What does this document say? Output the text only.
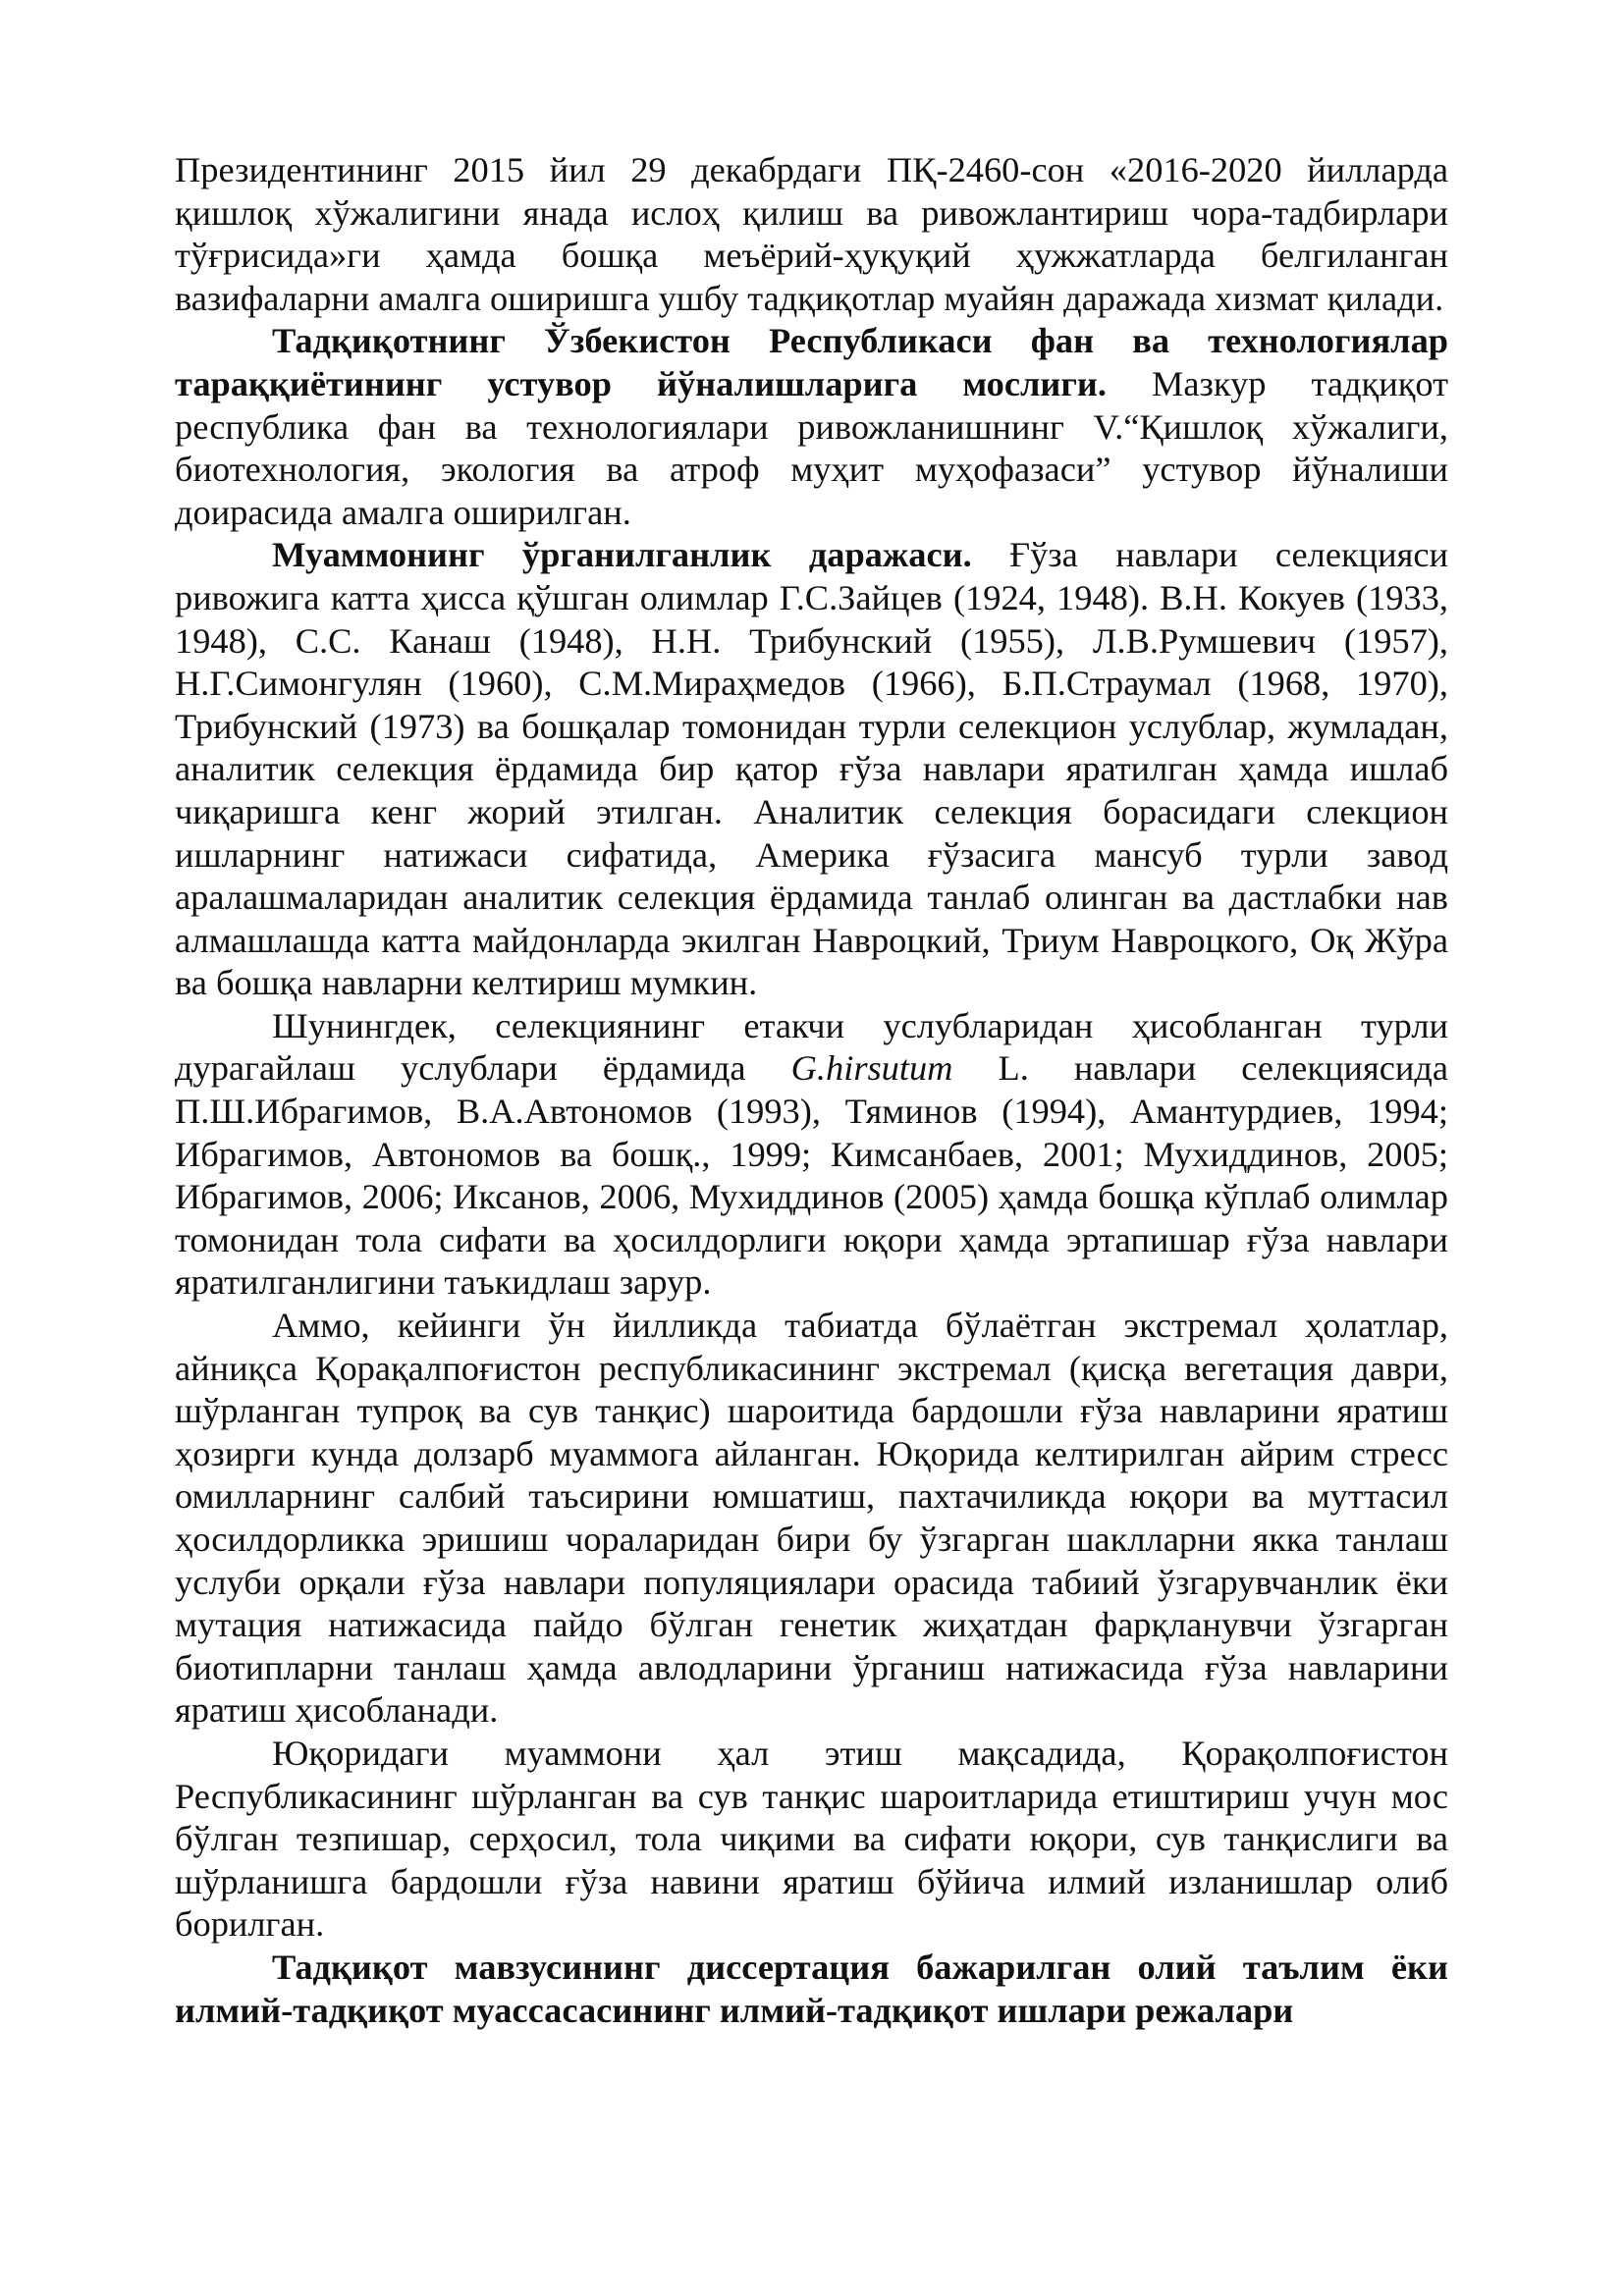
Президентининг 2015 йил 29 декабрдаги ПҚ-2460-сон «2016-2020 йилларда қишлоқ хўжалигини янада ислоҳ қилиш ва ривожлантириш чора-тадбирлари тўғрисида»ги ҳамда бошқа меъёрий-ҳуқуқий ҳужжатларда белгиланган вазифаларни амалга оширишга ушбу тадқиқотлар муайян даражада хизмат қилади.

Тадқиқотнинг Ўзбекистон Республикаси фан ва технологиялар тараққиётининг устувор йўналишларига мослиги. Мазкур тадқиқот республика фан ва технологиялари ривожланишнинг V.“Қишлоқ хўжалиги, биотехнология, экология ва атроф муҳит муҳофазаси” устувор йўналиши доирасида амалга оширилган.

Муаммонинг ўрганилганлик даражаси. Ғўза навлари селекцияси ривожига катта ҳисса қўшган олимлар Г.С.Зайцев (1924, 1948). В.Н. Кокуев (1933, 1948), С.С. Канаш (1948), Н.Н. Трибунский (1955), Л.В.Румшевич (1957), Н.Г.Симонгулян (1960), С.М.Мираҳмедов (1966), Б.П.Страумал (1968, 1970), Трибунский (1973) ва бошқалар томонидан турли селекцион услублар, жумладан, аналитик селекция ёрдамида бир қатор ғўза навлари яратилган ҳамда ишлаб чиқаришга кенг жорий этилган. Аналитик селекция борасидаги слекцион ишларнинг натижаси сифатида, Америка ғўзасига мансуб турли завод аралашмаларидан аналитик селекция ёрдамида танлаб олинган ва дастлабки нав алмашлашда катта майдонларда экилган Навроцкий, Триум Навроцкого, Оқ Жўра ва бошқа навларни келтириш мумкин.

Шунингдек, селекциянинг етакчи услубларидан ҳисобланган турли дурагайлаш услублари ёрдамида G.hirsutum L. навлари селекциясида П.Ш.Ибрагимов, В.А.Автономов (1993), Тяминов (1994), Амантурдиев, 1994; Ибрагимов, Автономов ва бошқ., 1999; Кимсанбаев, 2001; Мухиддинов, 2005; Ибрагимов, 2006; Иксанов, 2006, Мухиддинов (2005) ҳамда бошқа кўплаб олимлар томонидан тола сифати ва ҳосилдорлиги юқори ҳамда эртапишар ғўза навлари яратилганлигини таъкидлаш зарур.

Аммо, кейинги ўн йилликда табиатда бўлаётган экстремал ҳолатлар, айниқса Қорақалпоғистон республикасининг экстремал (қисқа вегетация даври, шўрланган тупроқ ва сув танқис) шароитида бардошли ғўза навларини яратиш ҳозирги кунда долзарб муаммога айланган. Юқорида келтирилган айрим стресс омилларнинг салбий таъсирини юмшатиш, пахтачиликда юқори ва муттасил ҳосилдорликка эришиш чораларидан бири бу ўзгарган шаклларни якка танлаш услуби орқали ғўза навлари популяциялари орасида табиий ўзгарувчанлик ёки мутация натижасида пайдо бўлган генетик жиҳатдан фарқланувчи ўзгарган биотипларни танлаш ҳамда авлодларини ўрганиш натижасида ғўза навларини яратиш ҳисобланади.

Юқоридаги муаммони ҳал этиш мақсадида, Қорақолпоғистон Республикасининг шўрланган ва сув танқис шароитларида етиштириш учун мос бўлган тезпишар, серҳосил, тола чиқими ва сифати юқори, сув танқислиги ва шўрланишга бардошли ғўза навини яратиш бўйича илмий изланишлар олиб борилган.

Тадқиқот мавзусининг диссертация бажарилган олий таълим ёки илмий-тадқиқот муассасасининг илмий-тадқиқот ишлари режалари
